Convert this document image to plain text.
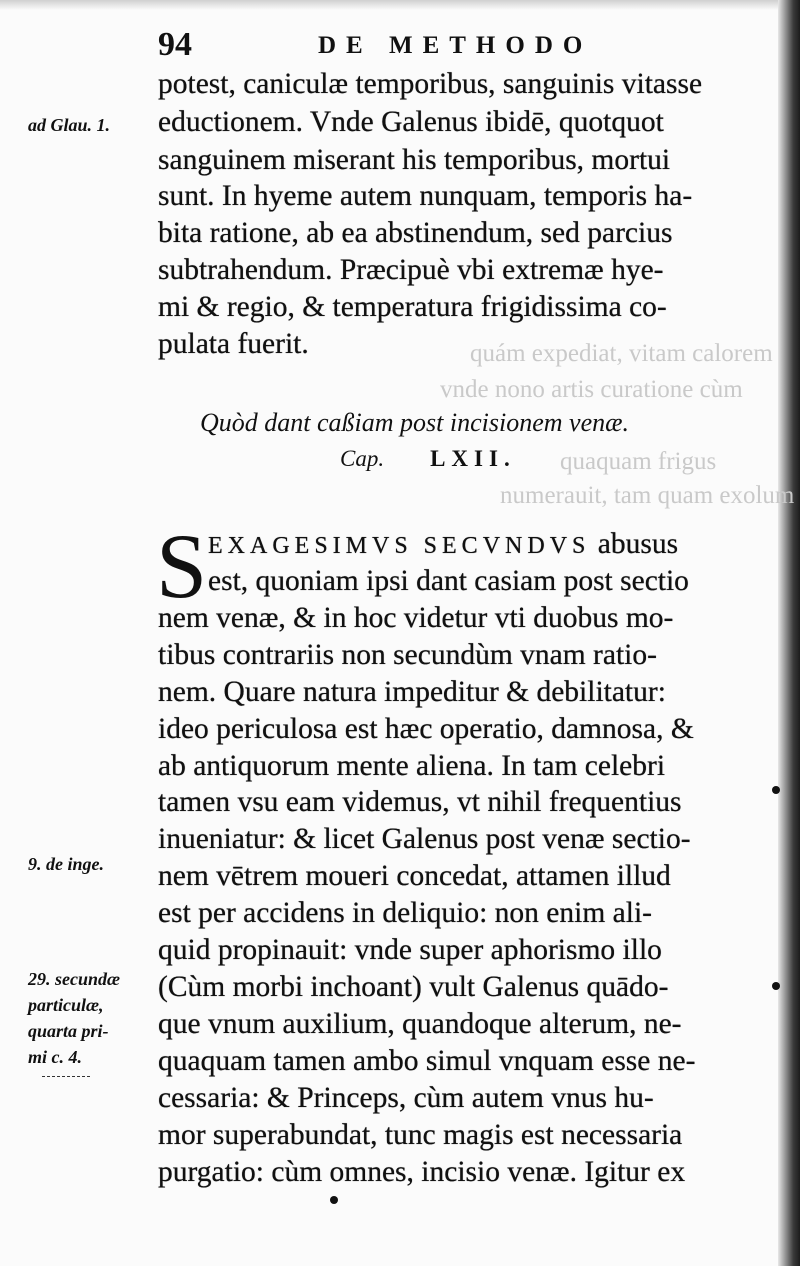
quám expediat, vitam calorem
vnde nono artis curatione cùm
quaquam frigus
numerauit, tam quam exolum
94	DE METHODO
ad Glau. 1.
9. de inge.
29. secundæ
particulæ,
quarta pri-
mi c. 4.
potest, caniculæ temporibus, sanguinis vitasse
eductionem. Vnde Galenus ibidē, quotquot
sanguinem miserant his temporibus, mortui
sunt. In hyeme autem nunquam, temporis ha-
bita ratione, ab ea abstinendum, sed parcius
subtrahendum. Præcipuè vbi extremæ hye-
mi & regio, & temperatura frigidissima co-
pulata fuerit.
Quòd dant caßiam post incisionem venæ.
Cap. LXII.
S EXAGESIMVS SECVNDVS abusus
est, quoniam ipsi dant casiam post sectio
nem venæ, & in hoc videtur vti duobus mo-
tibus contrariis non secundùm vnam ratio-
nem. Quare natura impeditur & debilitatur:
ideo periculosa est hæc operatio, damnosa, &
ab antiquorum mente aliena. In tam celebri
tamen vsu eam videmus, vt nihil frequentius
inueniatur: & licet Galenus post venæ sectio-
nem vētrem moueri concedat, attamen illud
est per accidens in deliquio: non enim ali-
quid propinauit: vnde super aphorismo illo
(Cùm morbi inchoant) vult Galenus quādo-
que vnum auxilium, quandoque alterum, ne-
quaquam tamen ambo simul vnquam esse ne-
cessaria: & Princeps, cùm autem vnus hu-
mor superabundat, tunc magis est necessaria
purgatio: cùm omnes, incisio venæ. Igitur ex
